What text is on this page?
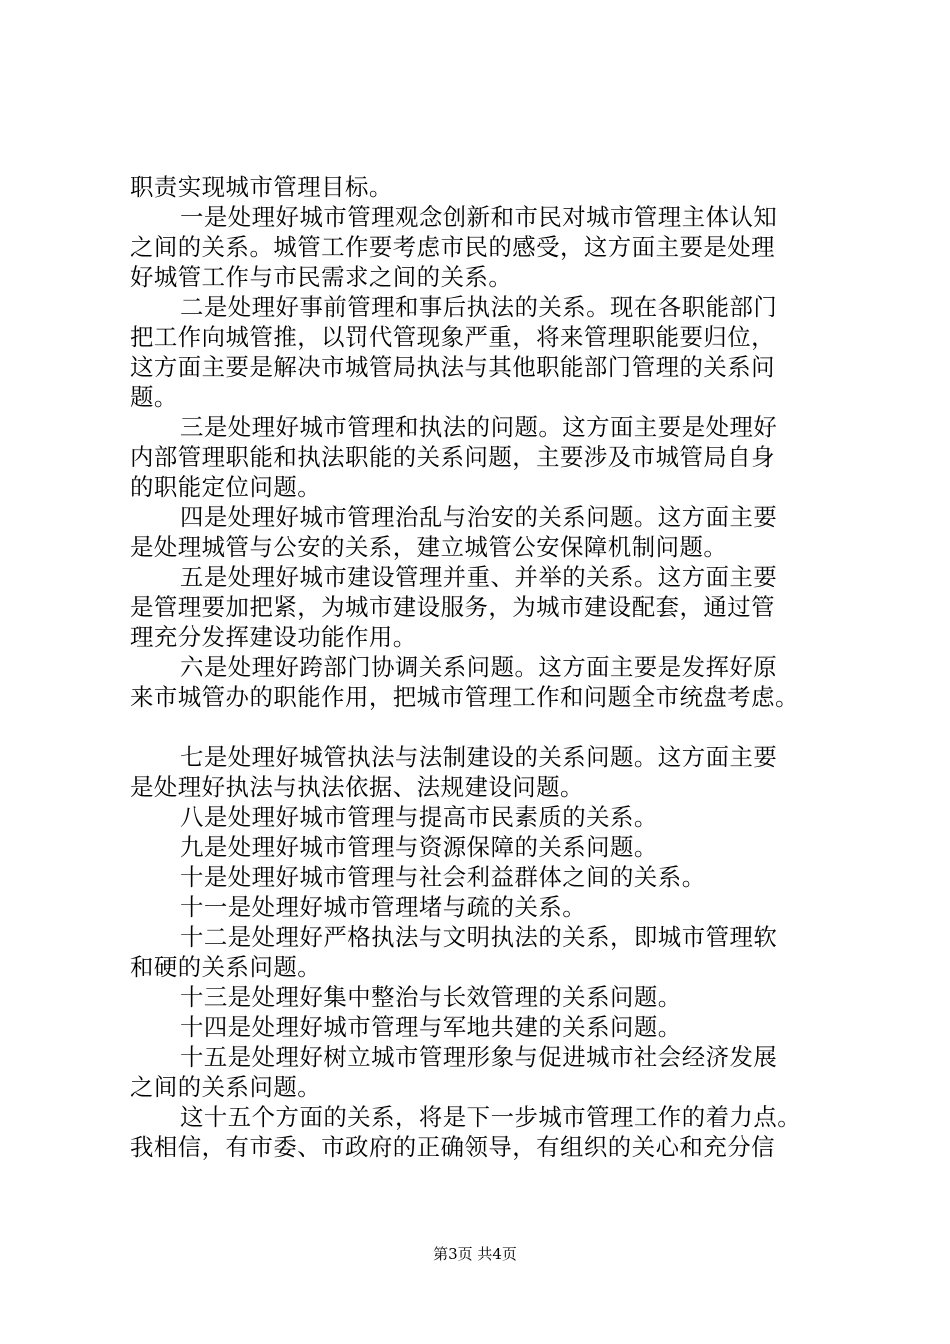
职责实现城市管理目标。
一是处理好城市管理观念创新和市民对城市管理主体认知
之间的关系。城管工作要考虑市民的感受，这方面主要是处理
好城管工作与市民需求之间的关系。
二是处理好事前管理和事后执法的关系。现在各职能部门
把工作向城管推，以罚代管现象严重，将来管理职能要归位，
这方面主要是解决市城管局执法与其他职能部门管理的关系问
题。
三是处理好城市管理和执法的问题。这方面主要是处理好
内部管理职能和执法职能的关系问题，主要涉及市城管局自身
的职能定位问题。
四是处理好城市管理治乱与治安的关系问题。这方面主要
是处理城管与公安的关系，建立城管公安保障机制问题。
五是处理好城市建设管理并重、并举的关系。这方面主要
是管理要加把紧，为城市建设服务，为城市建设配套，通过管
理充分发挥建设功能作用。
六是处理好跨部门协调关系问题。这方面主要是发挥好原
来市城管办的职能作用，把城市管理工作和问题全市统盘考虑。
七是处理好城管执法与法制建设的关系问题。这方面主要
是处理好执法与执法依据、法规建设问题。
八是处理好城市管理与提高市民素质的关系。
九是处理好城市管理与资源保障的关系问题。
十是处理好城市管理与社会利益群体之间的关系。
十一是处理好城市管理堵与疏的关系。
十二是处理好严格执法与文明执法的关系，即城市管理软
和硬的关系问题。
十三是处理好集中整治与长效管理的关系问题。
十四是处理好城市管理与军地共建的关系问题。
十五是处理好树立城市管理形象与促进城市社会经济发展
之间的关系问题。
这十五个方面的关系，将是下一步城市管理工作的着力点。
我相信，有市委、市政府的正确领导，有组织的关心和充分信
第3页 共4页
